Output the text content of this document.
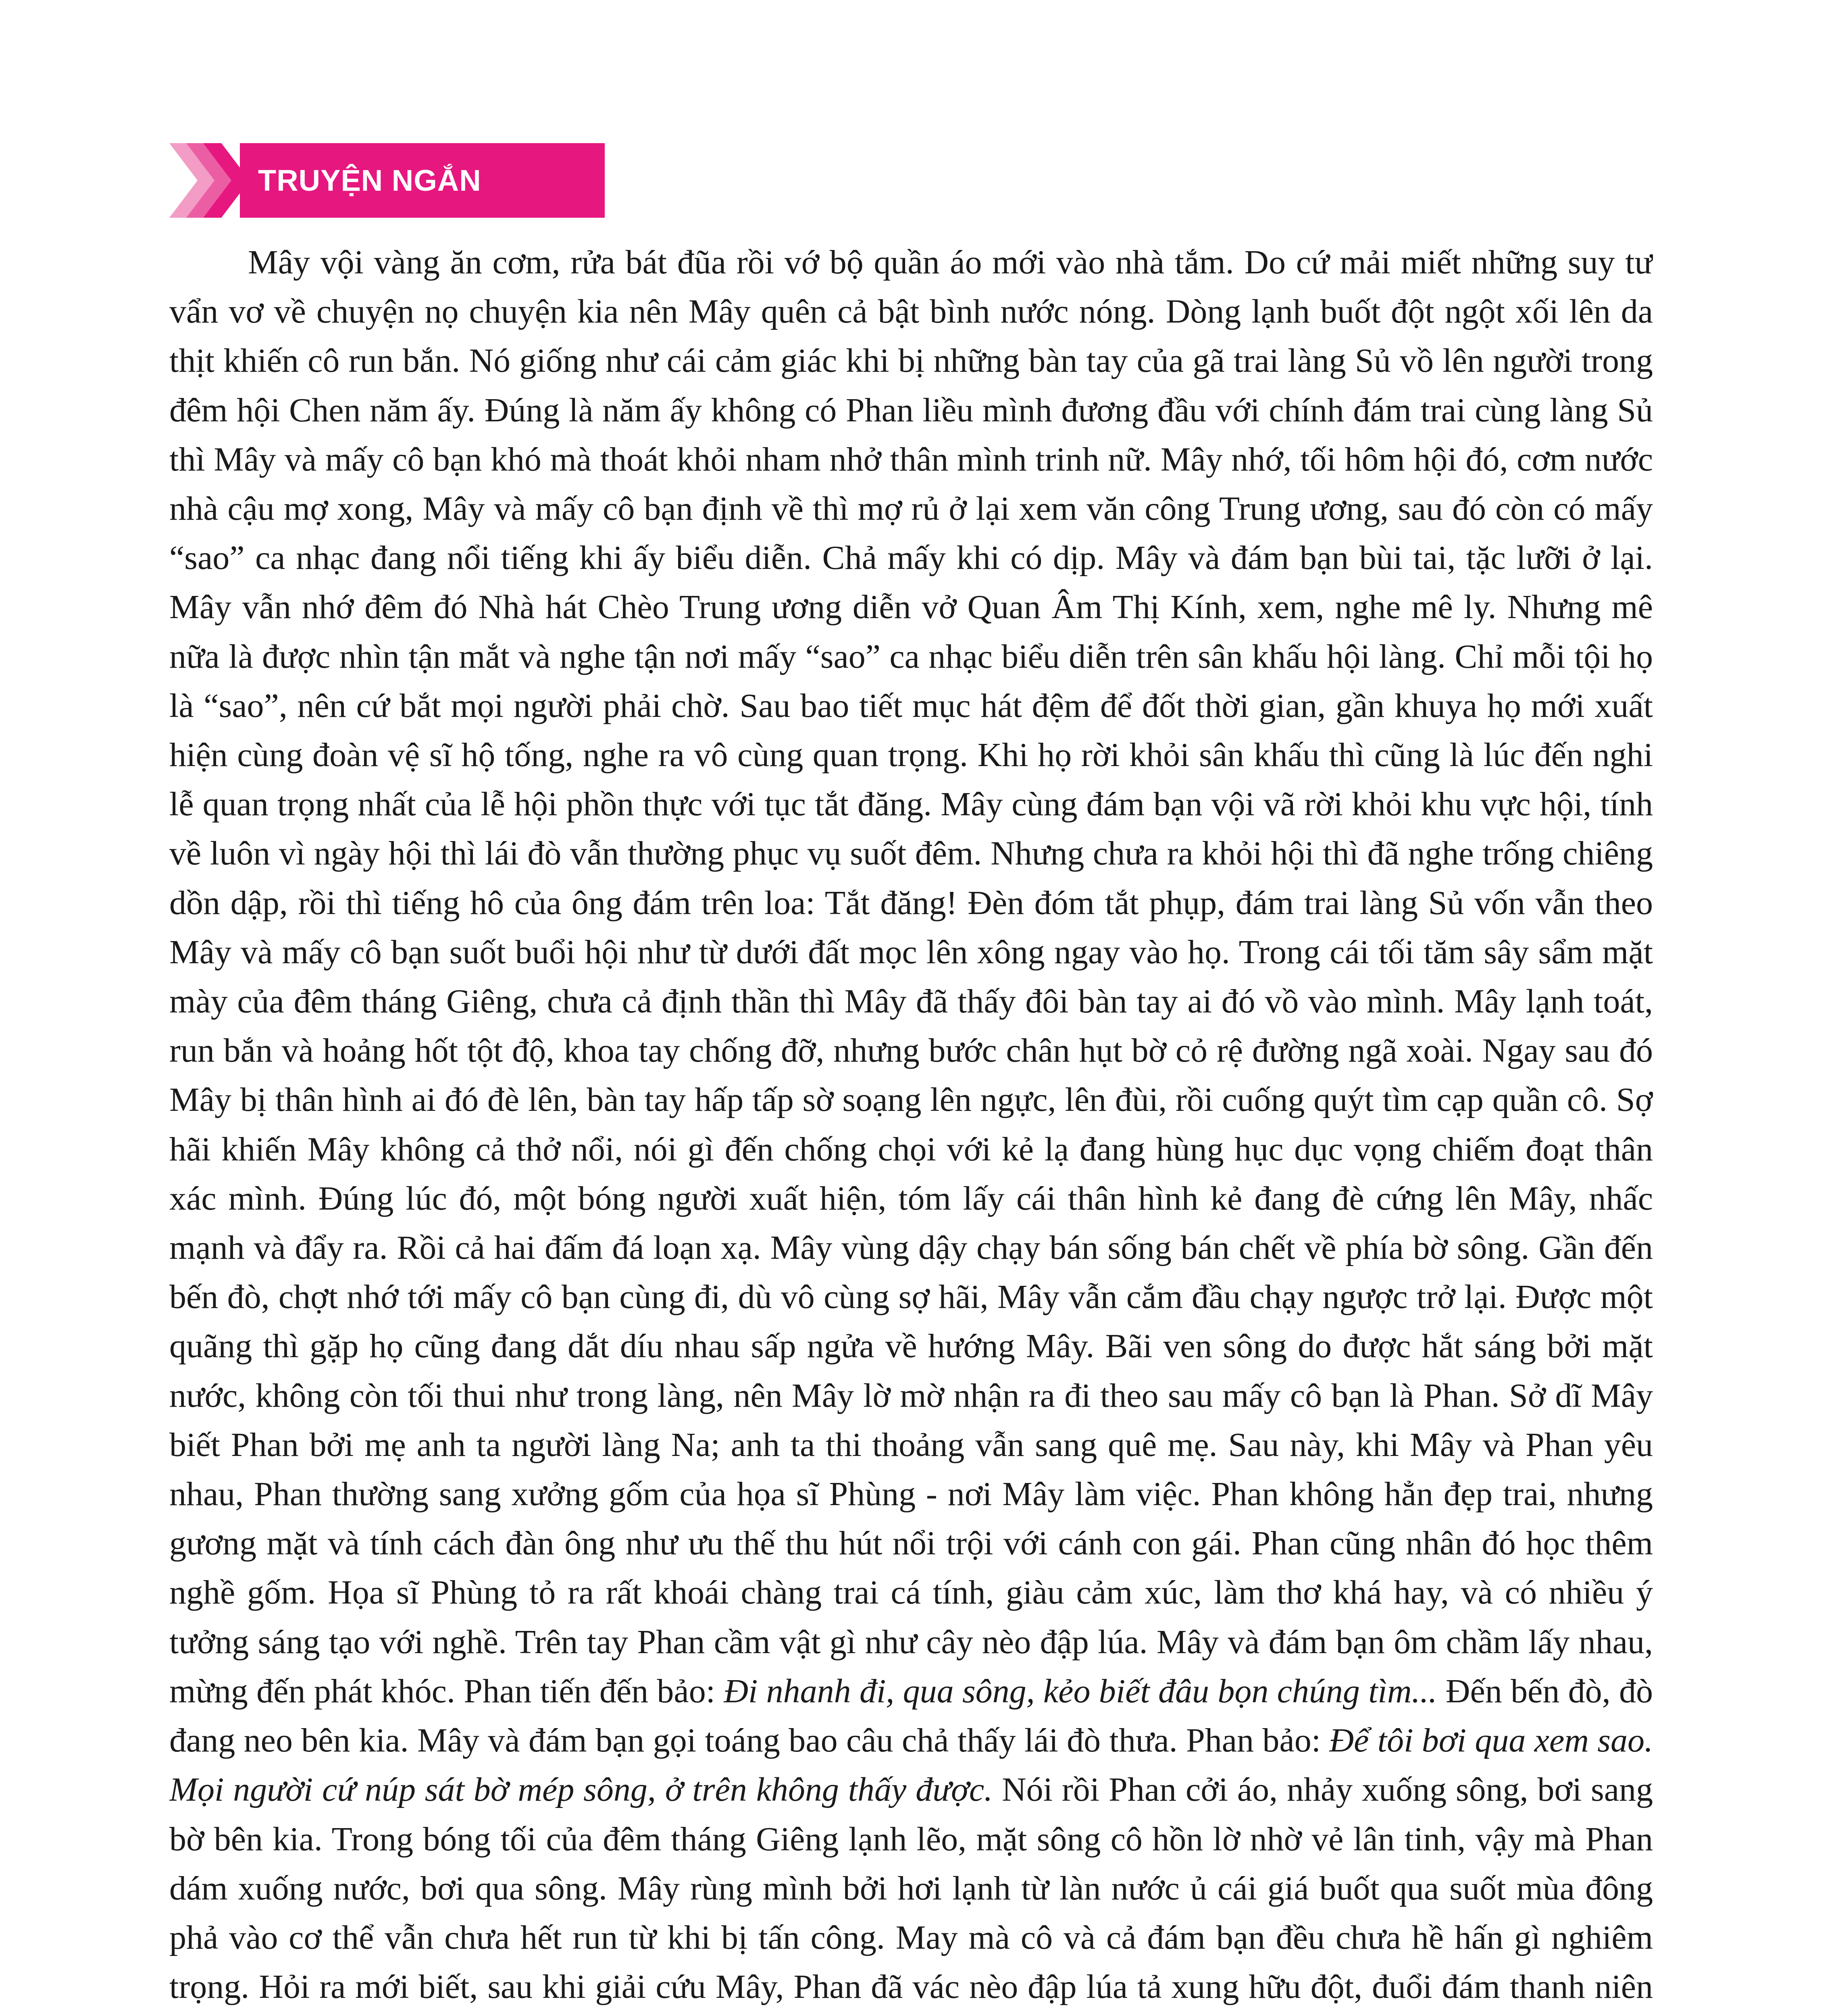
TRUYỆN NGẮN

Mây vội vàng ăn cơm, rửa bát đũa rồi vớ bộ quần áo mới vào nhà tắm. Do cứ mải miết những suy tư vẩn vơ về chuyện nọ chuyện kia nên Mây quên cả bật bình nước nóng. Dòng lạnh buốt đột ngột xối lên da thịt khiến cô run bắn. Nó giống như cái cảm giác khi bị những bàn tay của gã trai làng Sủ vồ lên người trong đêm hội Chen năm ấy. Đúng là năm ấy không có Phan liều mình đương đầu với chính đám trai cùng làng Sủ thì Mây và mấy cô bạn khó mà thoát khỏi nham nhở thân mình trinh nữ. Mây nhớ, tối hôm hội đó, cơm nước nhà cậu mợ xong, Mây và mấy cô bạn định về thì mợ rủ ở lại xem văn công Trung ương, sau đó còn có mấy “sao” ca nhạc đang nổi tiếng khi ấy biểu diễn. Chả mấy khi có dịp. Mây và đám bạn bùi tai, tặc lưỡi ở lại. Mây vẫn nhớ đêm đó Nhà hát Chèo Trung ương diễn vở Quan Âm Thị Kính, xem, nghe mê ly. Nhưng mê nữa là được nhìn tận mắt và nghe tận nơi mấy “sao” ca nhạc biểu diễn trên sân khấu hội làng. Chỉ mỗi tội họ là “sao”, nên cứ bắt mọi người phải chờ. Sau bao tiết mục hát đệm để đốt thời gian, gần khuya họ mới xuất hiện cùng đoàn vệ sĩ hộ tống, nghe ra vô cùng quan trọng. Khi họ rời khỏi sân khấu thì cũng là lúc đến nghi lễ quan trọng nhất của lễ hội phồn thực với tục tắt đăng. Mây cùng đám bạn vội vã rời khỏi khu vực hội, tính về luôn vì ngày hội thì lái đò vẫn thường phục vụ suốt đêm. Nhưng chưa ra khỏi hội thì đã nghe trống chiêng dồn dập, rồi thì tiếng hô của ông đám trên loa: Tắt đăng! Đèn đóm tắt phụp, đám trai làng Sủ vốn vẫn theo Mây và mấy cô bạn suốt buổi hội như từ dưới đất mọc lên xông ngay vào họ. Trong cái tối tăm sây sẩm mặt mày của đêm tháng Giêng, chưa cả định thần thì Mây đã thấy đôi bàn tay ai đó vồ vào mình. Mây lạnh toát, run bắn và hoảng hốt tột độ, khoa tay chống đỡ, nhưng bước chân hụt bờ cỏ rệ đường ngã xoài. Ngay sau đó Mây bị thân hình ai đó đè lên, bàn tay hấp tấp sờ soạng lên ngực, lên đùi, rồi cuống quýt tìm cạp quần cô. Sợ hãi khiến Mây không cả thở nổi, nói gì đến chống chọi với kẻ lạ đang hùng hục dục vọng chiếm đoạt thân xác mình. Đúng lúc đó, một bóng người xuất hiện, tóm lấy cái thân hình kẻ đang đè cứng lên Mây, nhấc mạnh và đẩy ra. Rồi cả hai đấm đá loạn xạ. Mây vùng dậy chạy bán sống bán chết về phía bờ sông. Gần đến bến đò, chợt nhớ tới mấy cô bạn cùng đi, dù vô cùng sợ hãi, Mây vẫn cắm đầu chạy ngược trở lại. Được một quãng thì gặp họ cũng đang dắt díu nhau sấp ngửa về hướng Mây. Bãi ven sông do được hắt sáng bởi mặt nước, không còn tối thui như trong làng, nên Mây lờ mờ nhận ra đi theo sau mấy cô bạn là Phan. Sở dĩ Mây biết Phan bởi mẹ anh ta người làng Na; anh ta thi thoảng vẫn sang quê mẹ. Sau này, khi Mây và Phan yêu nhau, Phan thường sang xưởng gốm của họa sĩ Phùng - nơi Mây làm việc. Phan không hẳn đẹp trai, nhưng gương mặt và tính cách đàn ông như ưu thế thu hút nổi trội với cánh con gái. Phan cũng nhân đó học thêm nghề gốm. Họa sĩ Phùng tỏ ra rất khoái chàng trai cá tính, giàu cảm xúc, làm thơ khá hay, và có nhiều ý tưởng sáng tạo với nghề. Trên tay Phan cầm vật gì như cây nèo đập lúa. Mây và đám bạn ôm chầm lấy nhau, mừng đến phát khóc. Phan tiến đến bảo: Đi nhanh đi, qua sông, kẻo biết đâu bọn chúng tìm... Đến bến đò, đò đang neo bên kia. Mây và đám bạn gọi toáng bao câu chả thấy lái đò thưa. Phan bảo: Để tôi bơi qua xem sao. Mọi người cứ núp sát bờ mép sông, ở trên không thấy được. Nói rồi Phan cởi áo, nhảy xuống sông, bơi sang bờ bên kia. Trong bóng tối của đêm tháng Giêng lạnh lẽo, mặt sông cô hồn lờ nhờ vẻ lân tinh, vậy mà Phan dám xuống nước, bơi qua sông. Mây rùng mình bởi hơi lạnh từ làn nước ủ cái giá buốt qua suốt mùa đông phả vào cơ thể vẫn chưa hết run từ khi bị tấn công. May mà cô và cả đám bạn đều chưa hề hấn gì nghiêm trọng. Hỏi ra mới biết, sau khi giải cứu Mây, Phan đã vác nèo đập lúa tả xung hữu đột, đuổi đám thanh niên
